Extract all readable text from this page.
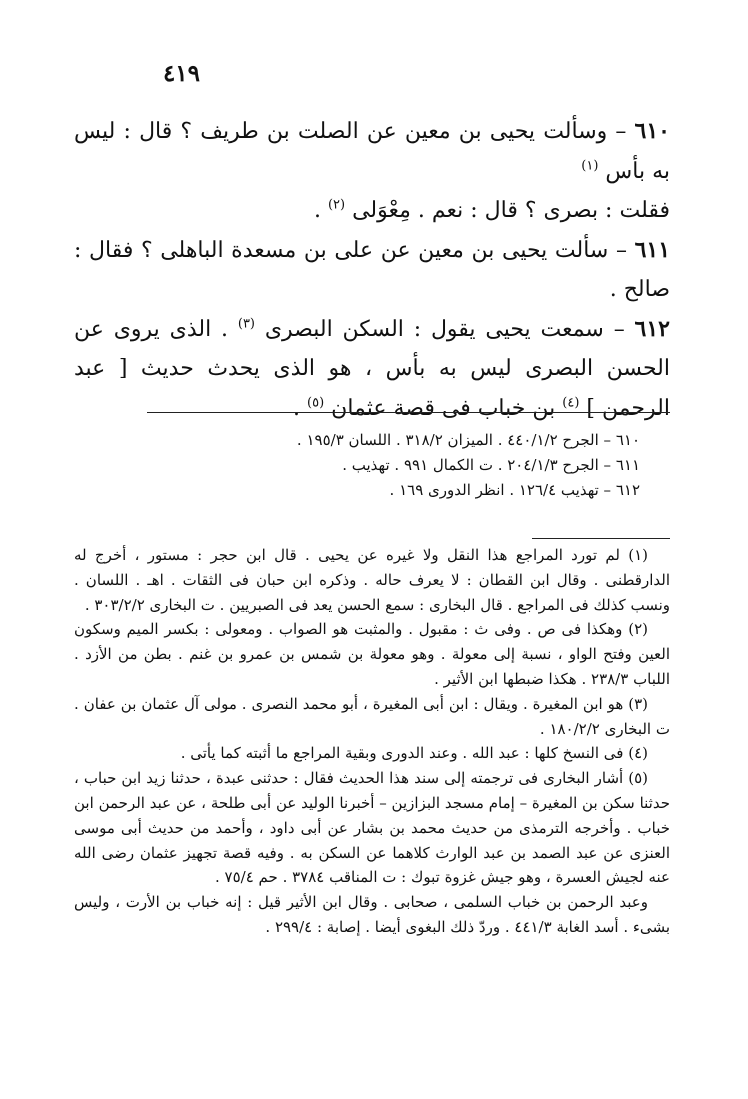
٤١٩

٦١٠ – وسألت يحيى بن معين عن الصلت بن طريف ؟ قال : ليس به بأس $^{(١)}$

فقلت : بصرى ؟ قال : نعم . مِعْوَلى $^{(٢)}$ .

٦١١ – سألت يحيى بن معين عن على بن مسعدة الباهلى ؟ فقال : صالح .

٦١٢ – سمعت يحيى يقول : السكن البصرى $^{(٣)}$ . الذى يروى عن الحسن البصرى ليس به بأس ، هو الذى يحدث حديث [ عبد الرحمن ] $^{(٤)}$ بن خباب فى قصة عثمان $^{(٥)}$ .

٦١٠ – الجرح ٤٤٠/١/٢ . الميزان ٣١٨/٢ . اللسان ١٩٥/٣ .
٦١١ – الجرح ٢٠٤/١/٣ . ت الكمال ٩٩١ . تهذيب .
٦١٢ – تهذيب ١٢٦/٤ . انظر الدورى ١٦٩ .

(١) لم تورد المراجع هذا النقل ولا غيره عن يحيى . قال ابن حجر : مستور ، أخرج له الدارقطنى . وقال ابن القطان : لا يعرف حاله . وذكره ابن حبان فى الثقات . اهـ . اللسان . ونسب كذلك فى المراجع . قال البخارى : سمع الحسن يعد فى الصبريين . ت البخارى ٣٠٣/٢/٢ .

(٢) وهكذا فى ص . وفى ث : مقبول . والمثبت هو الصواب . ومعولى : بكسر الميم وسكون العين وفتح الواو ، نسبة إلى معولة . وهو معولة بن شمس بن عمرو بن غنم . بطن من الأزد . اللباب ٢٣٨/٣ . هكذا ضبطها ابن الأثير .

(٣) هو ابن المغيرة . ويقال : ابن أبى المغيرة ، أبو محمد النصرى . مولى آل عثمان بن عفان . ت البخارى ١٨٠/٢/٢ .

(٤) فى النسخ كلها : عبد الله . وعند الدورى وبقية المراجع ما أثبته كما يأتى .

(٥) أشار البخارى فى ترجمته إلى سند هذا الحديث فقال : حدثنى عبدة ، حدثنا زيد ابن حباب ، حدثنا سكن بن المغيرة – إمام مسجد البزازين – أخبرنا الوليد عن أبى طلحة ، عن عبد الرحمن ابن خباب . وأخرجه الترمذى من حديث محمد بن بشار عن أبى داود ، وأحمد من حديث أبى موسى العنزى عن عبد الصمد بن عبد الوارث كلاهما عن السكن به . وفيه قصة تجهيز عثمان رضى الله عنه لجيش العسرة ، وهو جيش غزوة تبوك : ت المناقب ٣٧٨٤ . حم ٧٥/٤ .

وعبد الرحمن بن خباب السلمى ، صحابى . وقال ابن الأثير قيل : إنه خباب بن الأرت ، وليس بشىء . أسد الغابة ٤٤١/٣ . وردّ ذلك البغوى أيضا . إصابة : ٢٩٩/٤ .
